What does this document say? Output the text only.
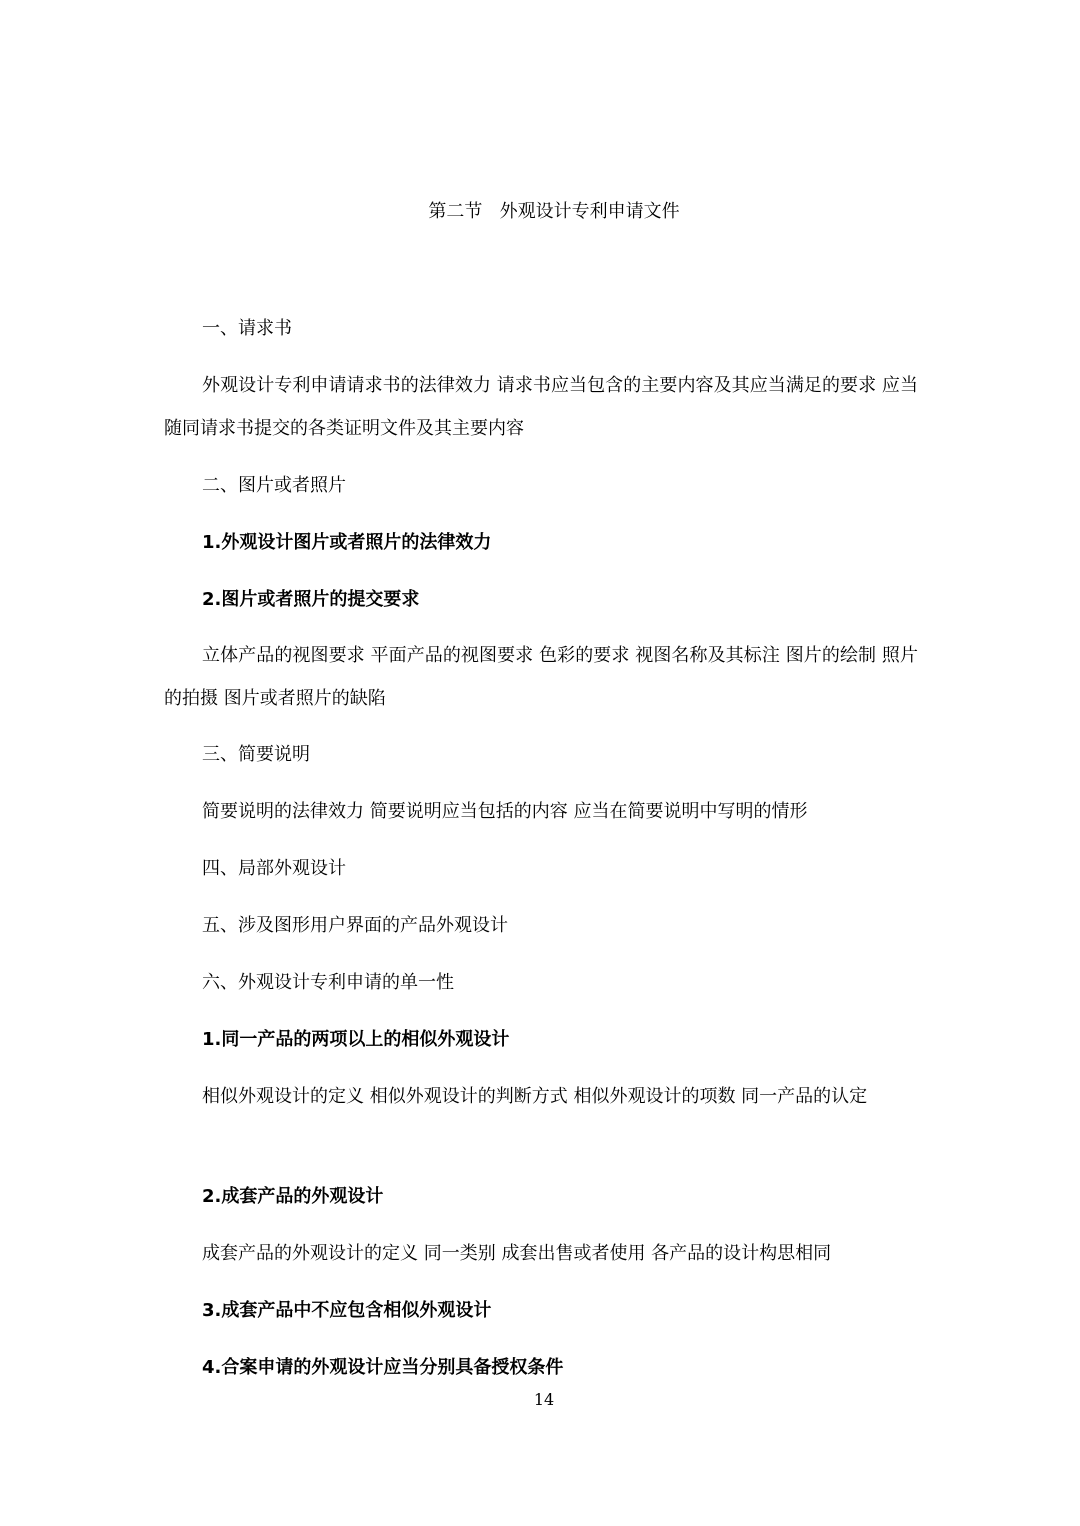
第二节   外观设计专利申请文件

一、请求书

外观设计专利申请请求书的法律效力 请求书应当包含的主要内容及其应当满足的要求 应当随同请求书提交的各类证明文件及其主要内容

二、图片或者照片

1.外观设计图片或者照片的法律效力

2.图片或者照片的提交要求

立体产品的视图要求 平面产品的视图要求 色彩的要求 视图名称及其标注 图片的绘制 照片的拍摄 图片或者照片的缺陷

三、简要说明

简要说明的法律效力 简要说明应当包括的内容 应当在简要说明中写明的情形

四、局部外观设计

五、涉及图形用户界面的产品外观设计

六、外观设计专利申请的单一性

1.同一产品的两项以上的相似外观设计

相似外观设计的定义 相似外观设计的判断方式 相似外观设计的项数 同一产品的认定

2.成套产品的外观设计

成套产品的外观设计的定义 同一类别 成套出售或者使用 各产品的设计构思相同

3.成套产品中不应包含相似外观设计

4.合案申请的外观设计应当分别具备授权条件

14
